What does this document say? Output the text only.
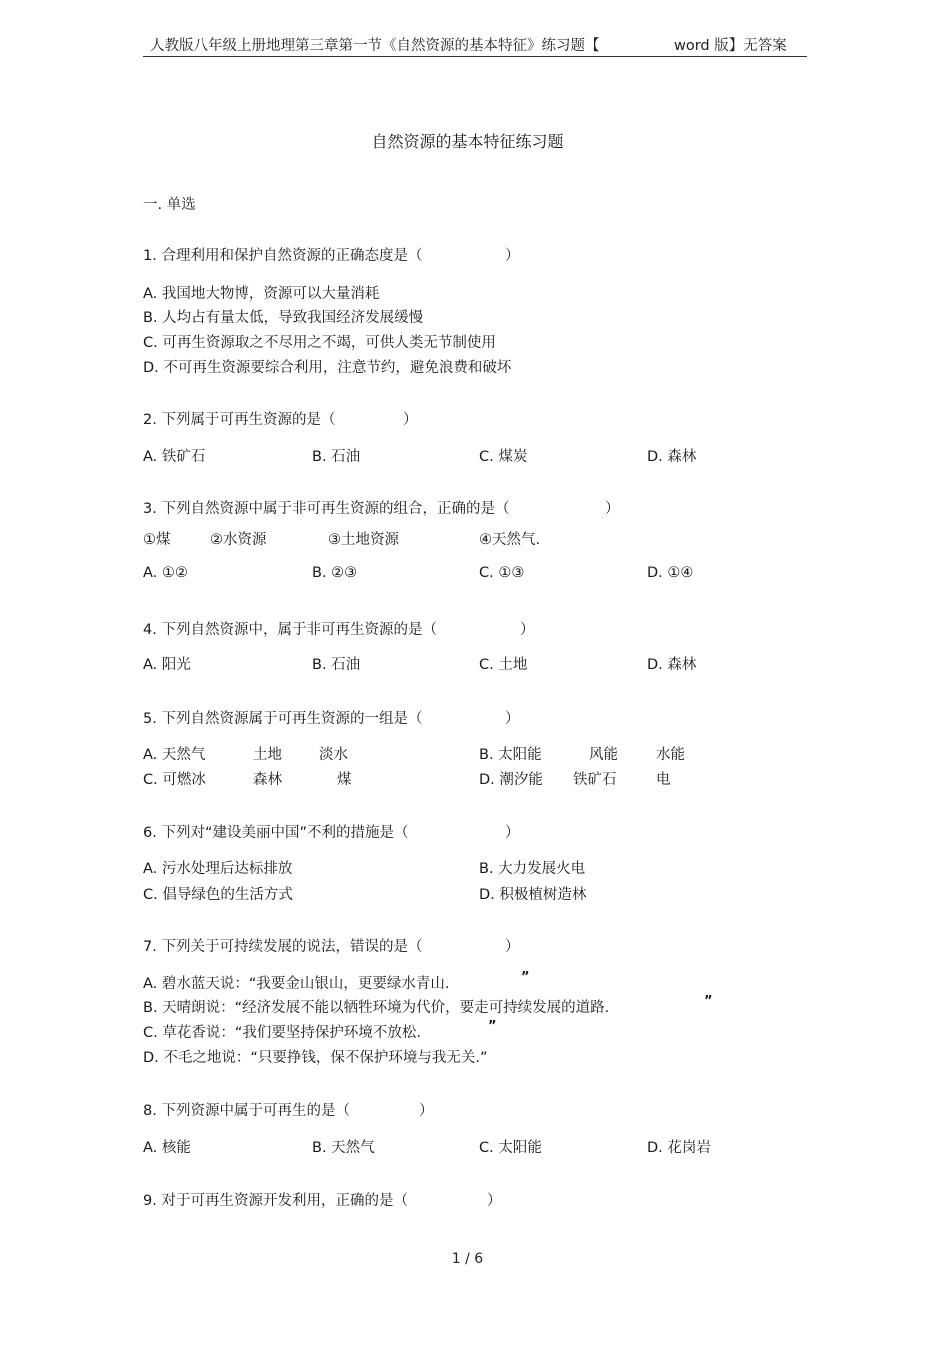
人教版八年级上册地理第三章第一节《自然资源的基本特征》练习题【	word 版】无答案
自然资源的基本特征练习题
一. 单选
1. 合理利用和保护自然资源的正确态度是（	）
A. 我国地大物博，资源可以大量消耗
B. 人均占有量太低，导致我国经济发展缓慢
C. 可再生资源取之不尽用之不竭，可供人类无节制使用
D. 不可再生资源要综合利用，注意节约，避免浪费和破坏
2. 下列属于可再生资源的是（	）
A. 铁矿石	B. 石油	C. 煤炭	D. 森林
3. 下列自然资源中属于非可再生资源的组合，正确的是（	）
①煤	②水资源	③土地资源	④天然气.
A. ①②	B. ②③	C. ①③	D. ①④
4. 下列自然资源中，属于非可再生资源的是（	）
A. 阳光	B. 石油	C. 土地	D. 森林
5. 下列自然资源属于可再生资源的一组是（	）
A. 天然气	土地	淡水	B. 太阳能	风能	水能
C. 可燃冰	森林	煤	D. 潮汐能 铁矿石	电
6. 下列对“建设美丽中国”不利的措施是（	）
A. 污水处理后达标排放	B. 大力发展火电
C. 倡导绿色的生活方式	D. 积极植树造林
7. 下列关于可持续发展的说法，错误的是（	）
A. 碧水蓝天说：“我要金山银山，更要绿水青山.	”
B. 天晴朗说：“经济发展不能以牺牲环境为代价，要走可持续发展的道路.	”
C. 草花香说：“我们要坚持保护环境不放松.	”
D. 不毛之地说：“只要挣钱，保不保护环境与我无关.”
8. 下列资源中属于可再生的是（	）
A. 核能	B. 天然气	C. 太阳能	D. 花岗岩
9. 对于可再生资源开发利用，正确的是（	）
1 / 6
